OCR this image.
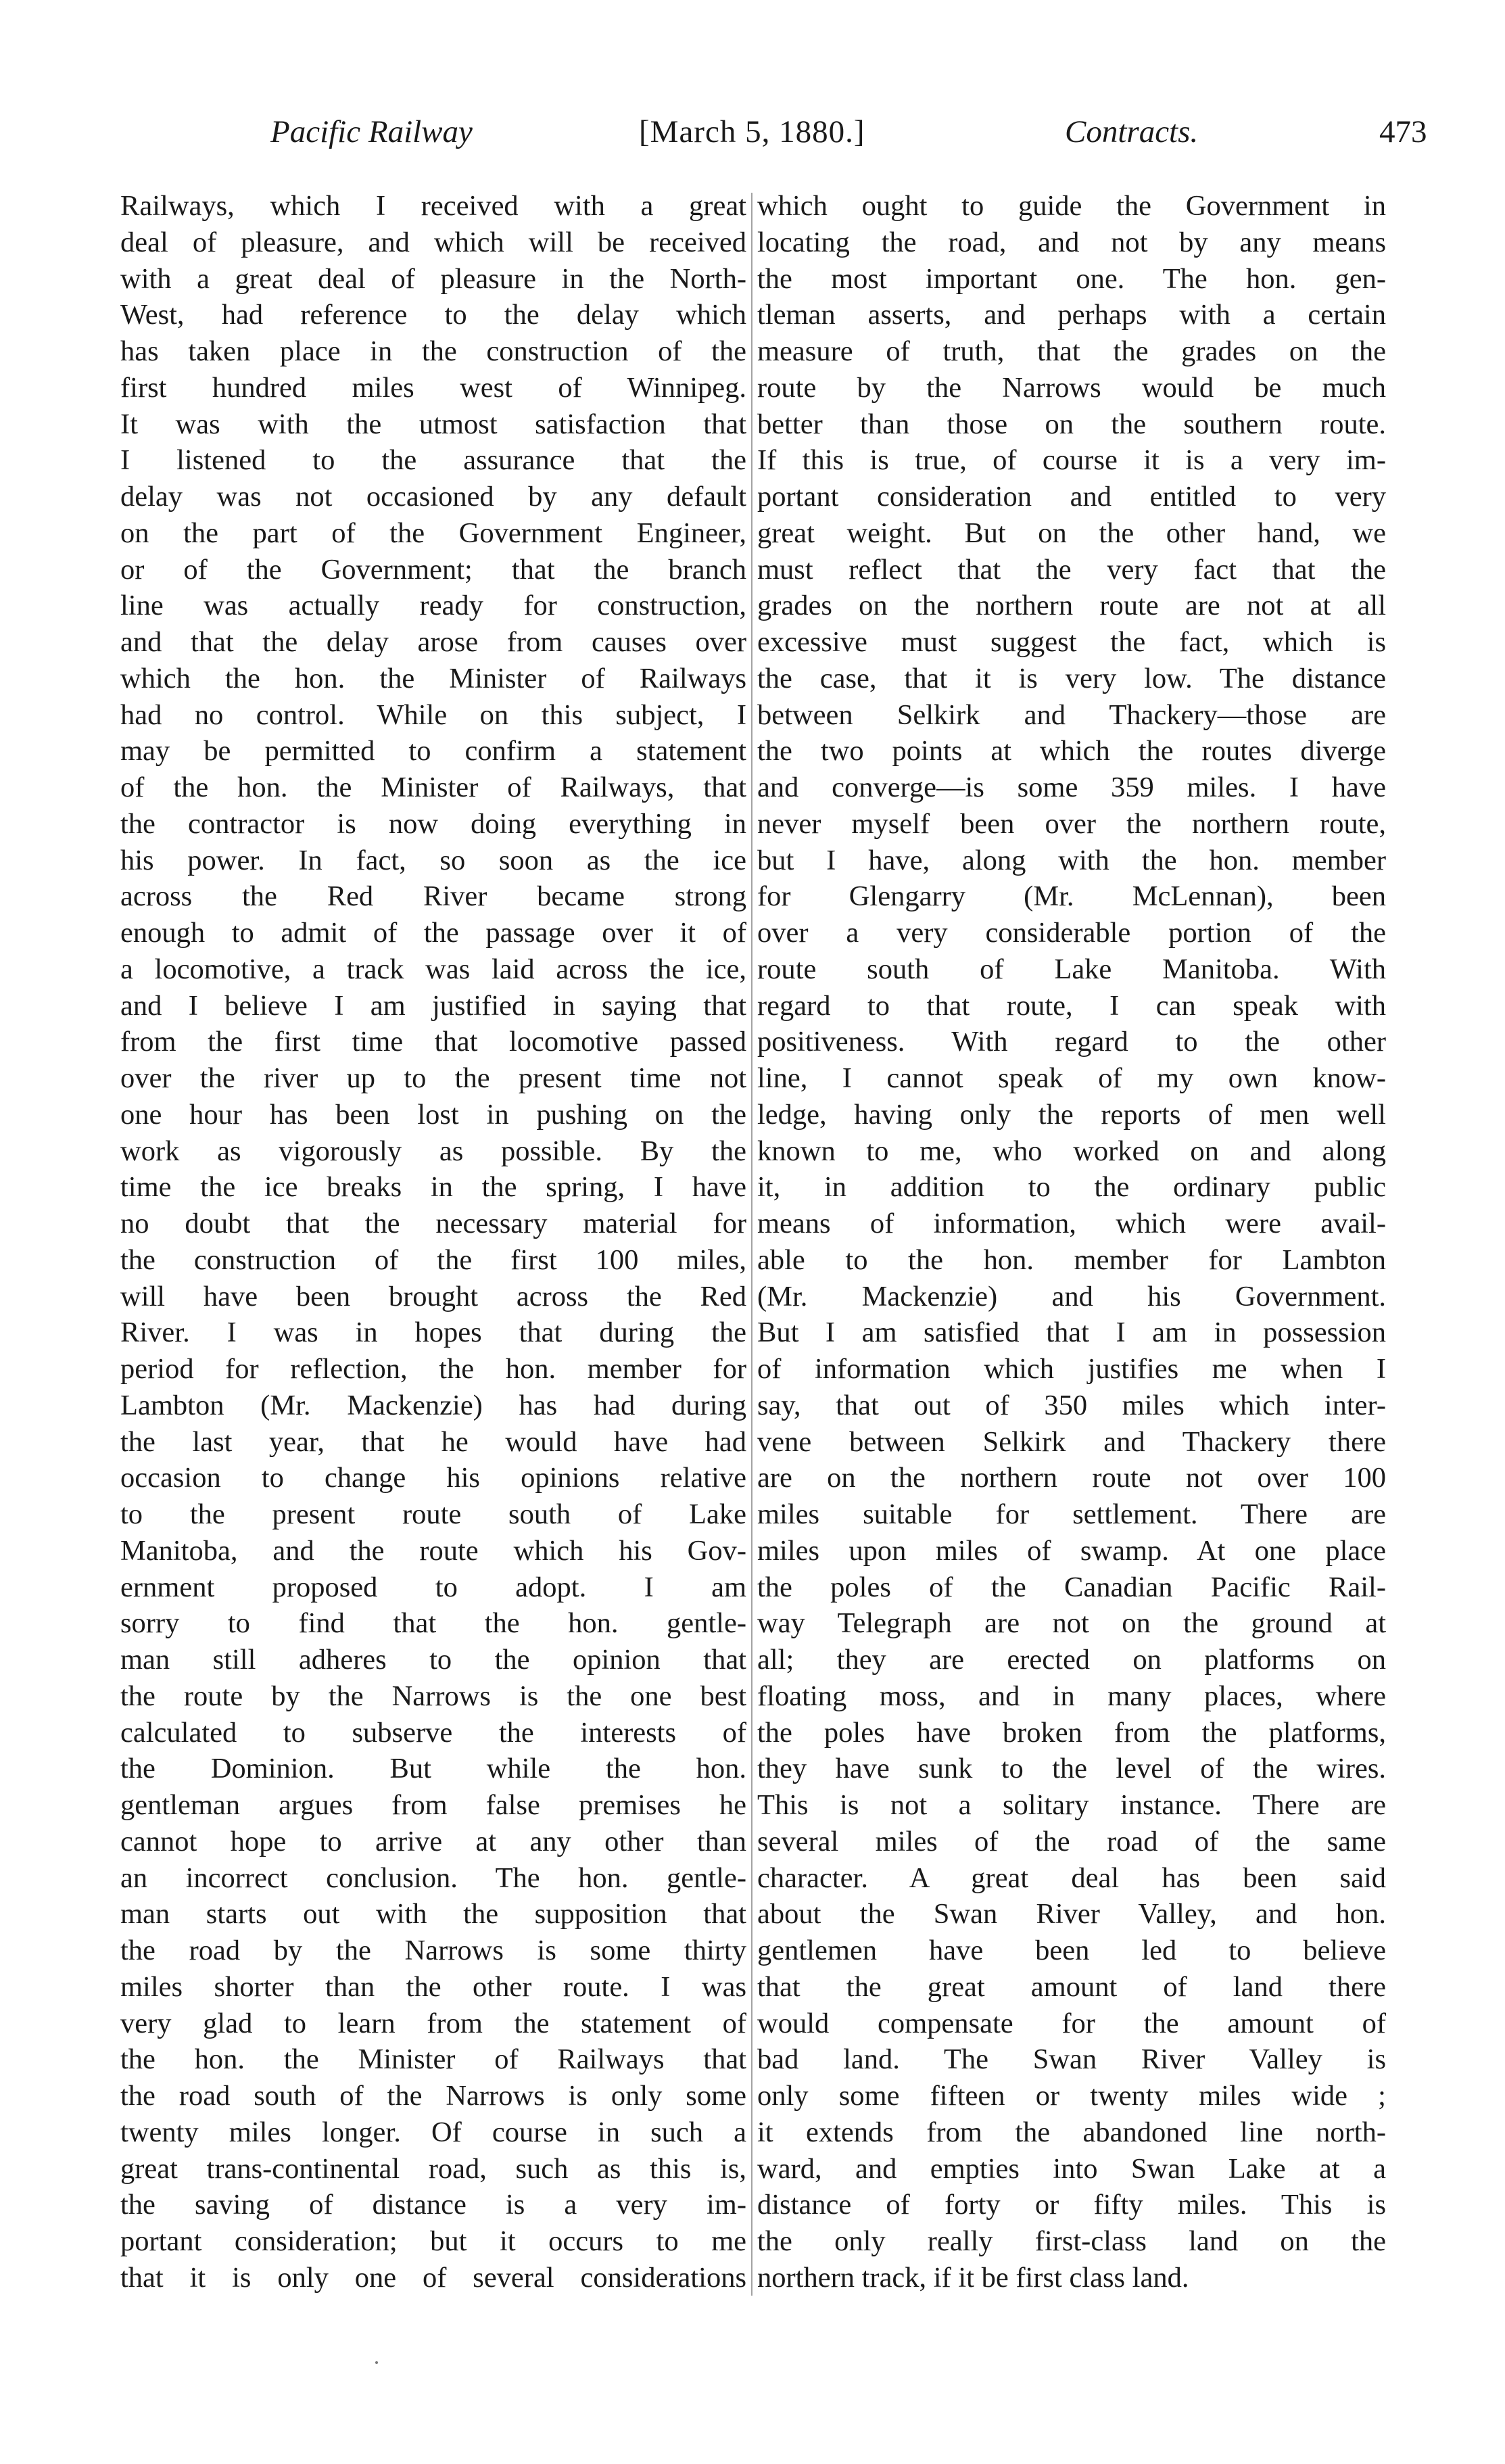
Pacific Railway	[March 5, 1880.]	Contracts.	473
Railways, which I received with a great
deal of pleasure, and which will be received
with a great deal of pleasure in the North-
West, had reference to the delay which
has taken place in the construction of the
first hundred miles west of Winnipeg.
It was with the utmost satisfaction that
I listened to the assurance that the
delay was not occasioned by any default
on the part of the Government Engineer,
or of the Government; that the branch
line was actually ready for construction,
and that the delay arose from causes over
which the hon. the Minister of Railways
had no control. While on this subject, I
may be permitted to confirm a statement
of the hon. the Minister of Railways, that
the contractor is now doing everything in
his power. In fact, so soon as the ice
across the Red River became strong
enough to admit of the passage over it of
a locomotive, a track was laid across the ice,
and I believe I am justified in saying that
from the first time that locomotive passed
over the river up to the present time not
one hour has been lost in pushing on the
work as vigorously as possible. By the
time the ice breaks in the spring, I have
no doubt that the necessary material for
the construction of the first 100 miles,
will have been brought across the Red
River. I was in hopes that during the
period for reflection, the hon. member for
Lambton (Mr. Mackenzie) has had during
the last year, that he would have had
occasion to change his opinions relative
to the present route south of Lake
Manitoba, and the route which his Gov-
ernment proposed to adopt. I am
sorry to find that the hon. gentle-
man still adheres to the opinion that
the route by the Narrows is the one best
calculated to subserve the interests of
the Dominion. But while the hon.
gentleman argues from false premises he
cannot hope to arrive at any other than
an incorrect conclusion. The hon. gentle-
man starts out with the supposition that
the road by the Narrows is some thirty
miles shorter than the other route. I was
very glad to learn from the statement of
the hon. the Minister of Railways that
the road south of the Narrows is only some
twenty miles longer. Of course in such a
great trans-continental road, such as this is,
the saving of distance is a very im-
portant consideration; but it occurs to me
that it is only one of several considerations
which ought to guide the Government in
locating the road, and not by any means
the most important one. The hon. gen-
tleman asserts, and perhaps with a certain
measure of truth, that the grades on the
route by the Narrows would be much
better than those on the southern route.
If this is true, of course it is a very im-
portant consideration and entitled to very
great weight. But on the other hand, we
must reflect that the very fact that the
grades on the northern route are not at all
excessive must suggest the fact, which is
the case, that it is very low. The distance
between Selkirk and Thackery—those are
the two points at which the routes diverge
and converge—is some 359 miles. I have
never myself been over the northern route,
but I have, along with the hon. member
for Glengarry (Mr. McLennan), been
over a very considerable portion of the
route south of Lake Manitoba. With
regard to that route, I can speak with
positiveness. With regard to the other
line, I cannot speak of my own know-
ledge, having only the reports of men well
known to me, who worked on and along
it, in addition to the ordinary public
means of information, which were avail-
able to the hon. member for Lambton
(Mr. Mackenzie) and his Government.
But I am satisfied that I am in possession
of information which justifies me when I
say, that out of 350 miles which inter-
vene between Selkirk and Thackery there
are on the northern route not over 100
miles suitable for settlement. There are
miles upon miles of swamp. At one place
the poles of the Canadian Pacific Rail-
way Telegraph are not on the ground at
all; they are erected on platforms on
floating moss, and in many places, where
the poles have broken from the platforms,
they have sunk to the level of the wires.
This is not a solitary instance. There are
several miles of the road of the same
character. A great deal has been said
about the Swan River Valley, and hon.
gentlemen have been led to believe
that the great amount of land there
would compensate for the amount of
bad land. The Swan River Valley is
only some fifteen or twenty miles wide ;
it extends from the abandoned line north-
ward, and empties into Swan Lake at a
distance of forty or fifty miles. This is
the only really first-class land on the
northern track, if it be first class land.
